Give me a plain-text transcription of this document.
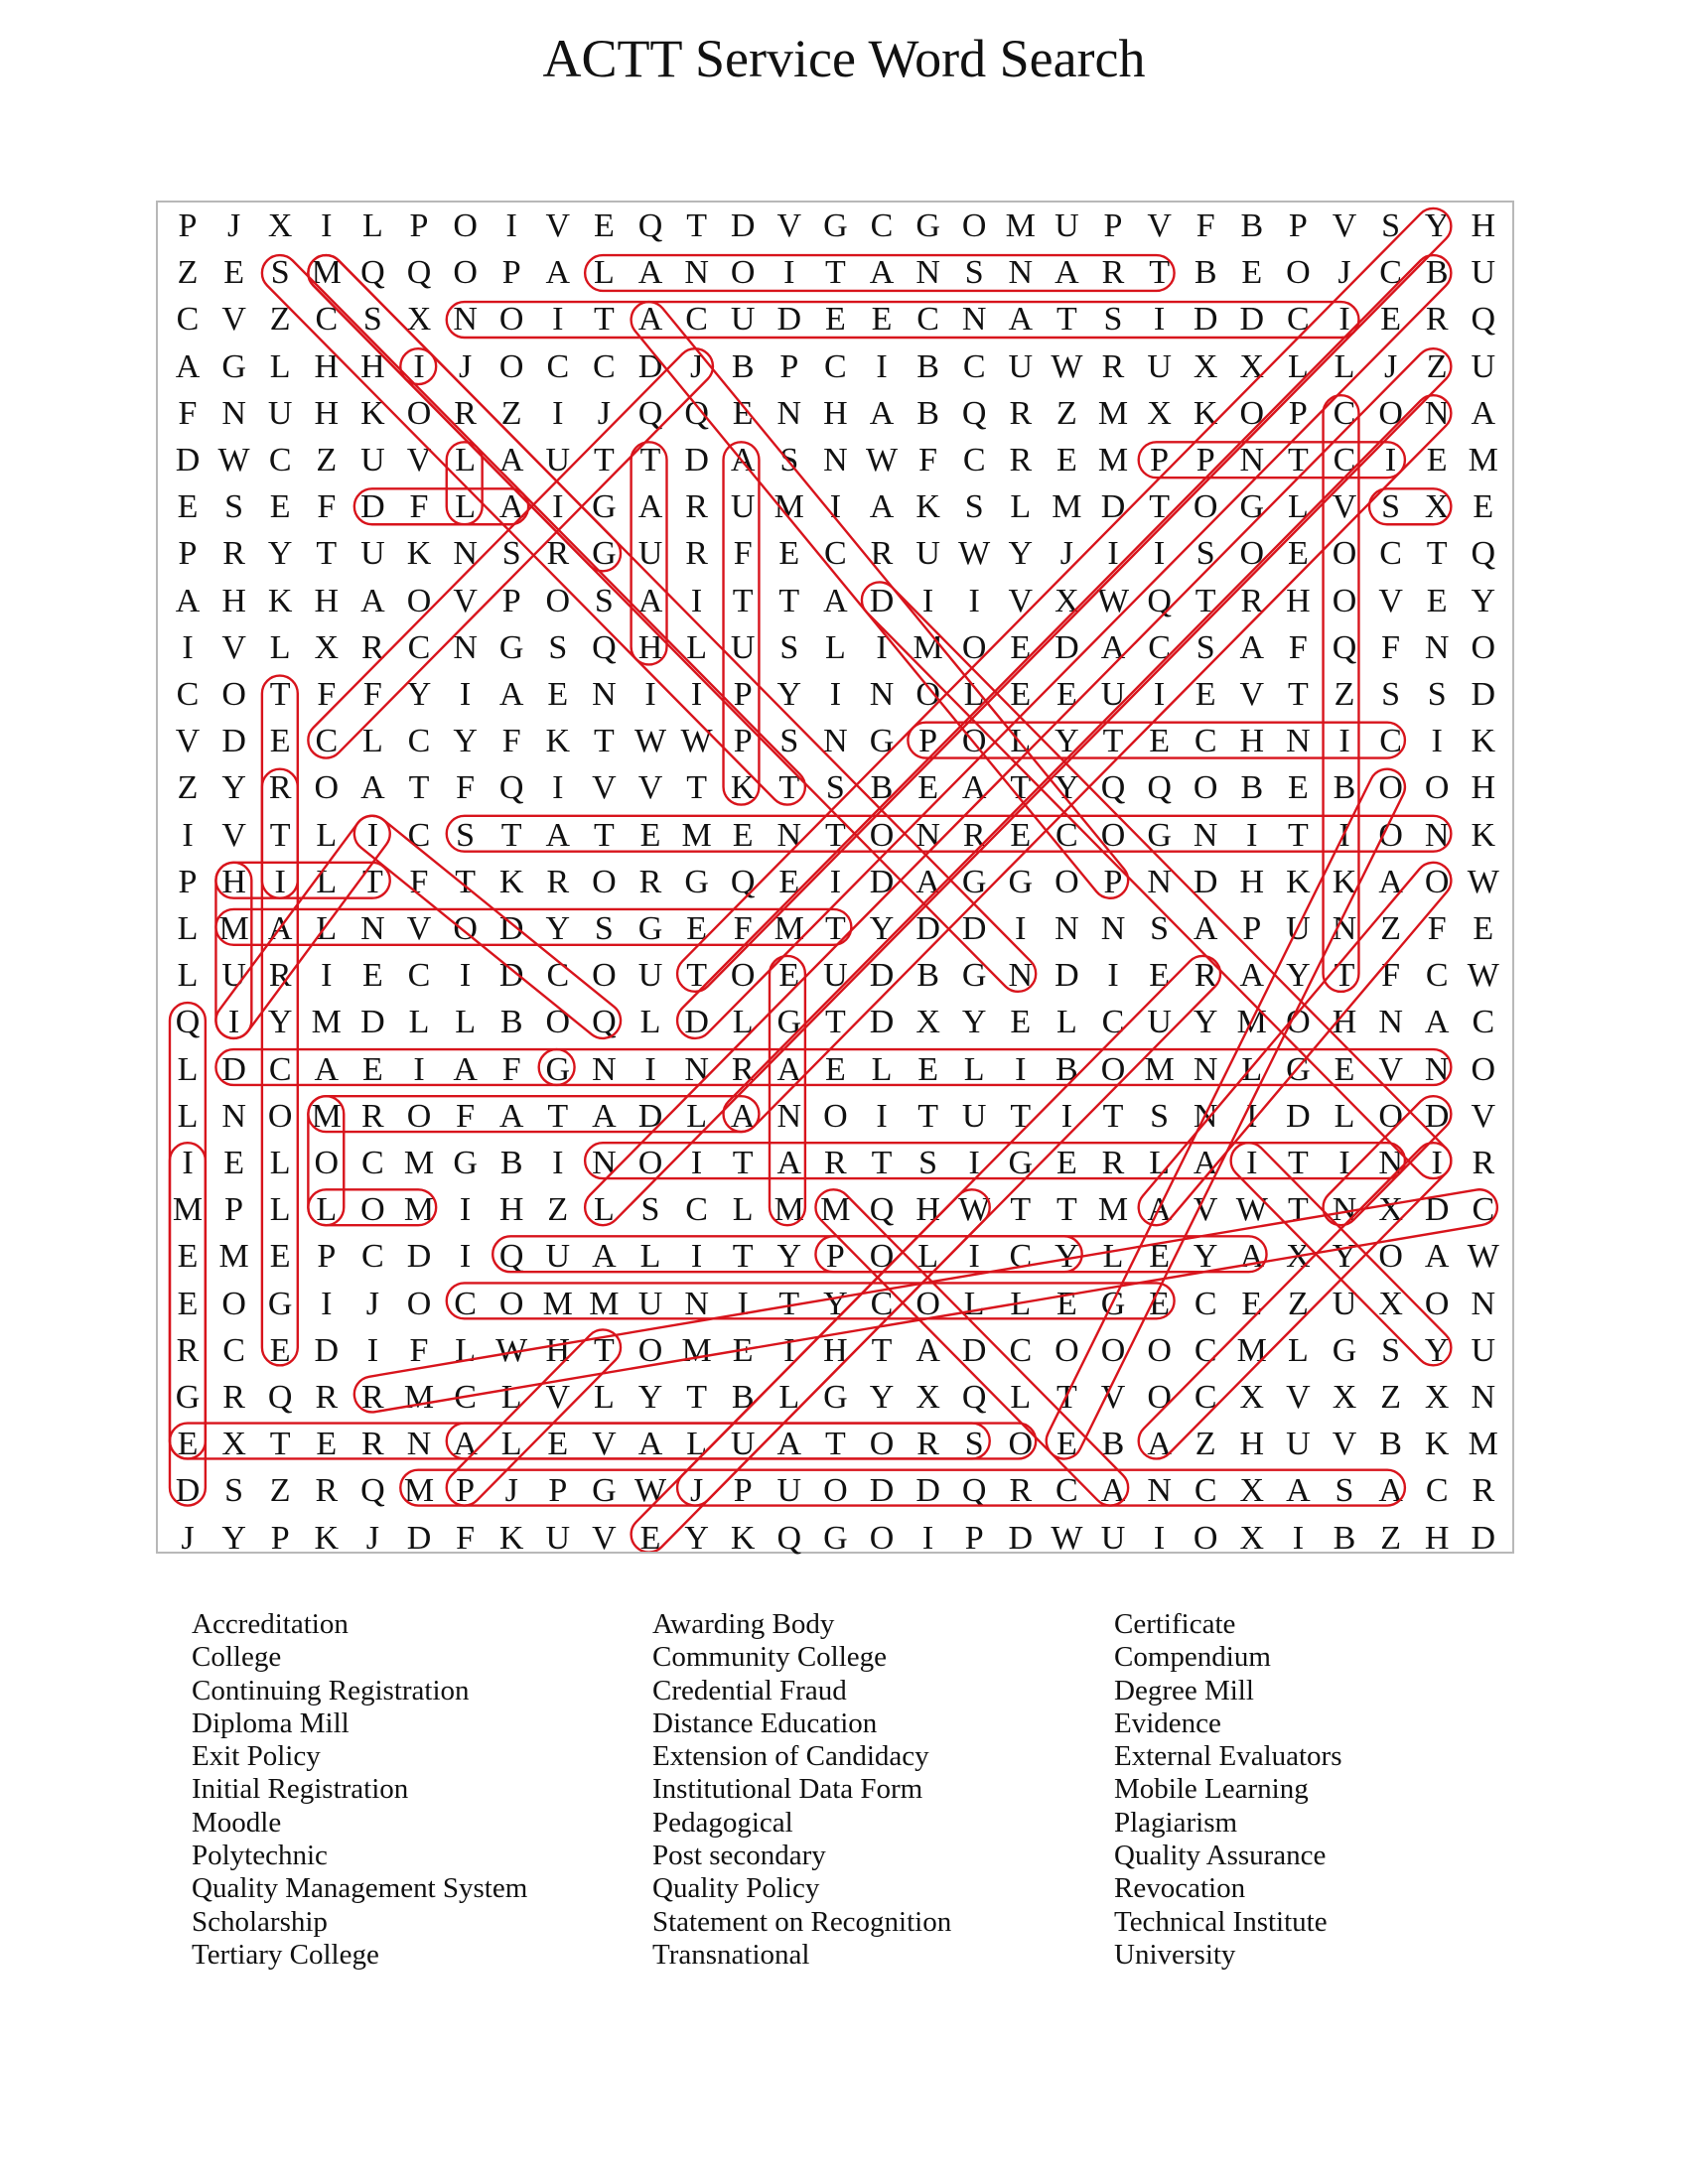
ACTT Service Word Search
P J X I L P O I V E Q T D V G C G O M U P V F B P V S Y H
Z E S M Q Q O P A L A N O I T A N S N A R T B E O J C B U
C V Z C S X N O I T A C U D E E C N A T S I D D C I E R Q
A G L H H I	J O C C D J B P C I B C U W R U X X L L J Z U
F N U H K O R Z I	J Q Q E N H A B Q R Z M X K O P C O N A
D W C Z U V L A U T T D A S N W F C R E M P P N T C I E M
E S E F D F L A I G A R U M I A K S L M D T O G L V S X E
P R Y T U K N S R G U R F E C R U W Y J	I	I S O E O C T Q
A H K H A O V P O S A I T T A D I	I V X W Q T R H O V E Y
I V L X R C N G S Q H L U S L I M O E D A C S A F Q F N O
C O T F F Y I A E N I	I P Y I N O L E E U I E V T Z S S D
V D E C L C Y F K T W W P S N G P O L Y T E C H N I C I K
Z Y R O A T F Q I V V T K T S B E A T Y Q Q O B E B O O H
I V T L I C S T A T E M E N T O N R E C O G N I T I O N K
P H I L T F T K R O R G Q E I D A G G O P N D H K K A O W
L M A L N V O D Y S G E F M T Y D D I N N S A P U N Z F E
L U R I E C I D C O U T O E U D B G N D I E R A Y T F C W
Q I Y M D L L B O Q L D L G T D X Y E L C U Y M O H N A C
L D C A E I A F G N I N R A E L E L I B O M N L G E V N O
L N O M R O F A T A D L A N O I T U T I T S N I D L O D V
I E L O C M G B I N O I T A R T S I G E R L A I T I N I R
M P L L O M I H Z L S C L M M Q H W T T M A V W T N X D C
E M E P C D I Q U A L I T Y P O L I C Y L E Y A X Y O A W
E O G I	J O C O M M U N I T Y C O L L E G E C E Z U X O N
R C E D I F L W H T O M E I H T A D C O O O C M L G S Y U
G R Q R R M C L V L Y T B L G Y X Q L T V O C X V X Z X N
E X T E R N A L E V A L U A T O R S O E B A Z H U V B K M
D S Z R Q M P J P G W J P U O D D Q R C A N C X A S A C R
J Y P K J D F K U V E Y K Q G O I P D W U I O X I B Z H D
Accreditation
College
Continuing Registration
Diploma Mill
Exit Policy
Initial Registration
Moodle
Polytechnic
Quality Management System
Scholarship
Tertiary College
Awarding Body
Community College
Credential Fraud
Distance Education
Extension of Candidacy
Institutional Data Form
Pedagogical
Post secondary
Quality Policy
Statement on Recognition
Transnational
Certificate
Compendium
Degree Mill
Evidence
External Evaluators
Mobile Learning
Plagiarism
Quality Assurance
Revocation
Technical Institute
University
